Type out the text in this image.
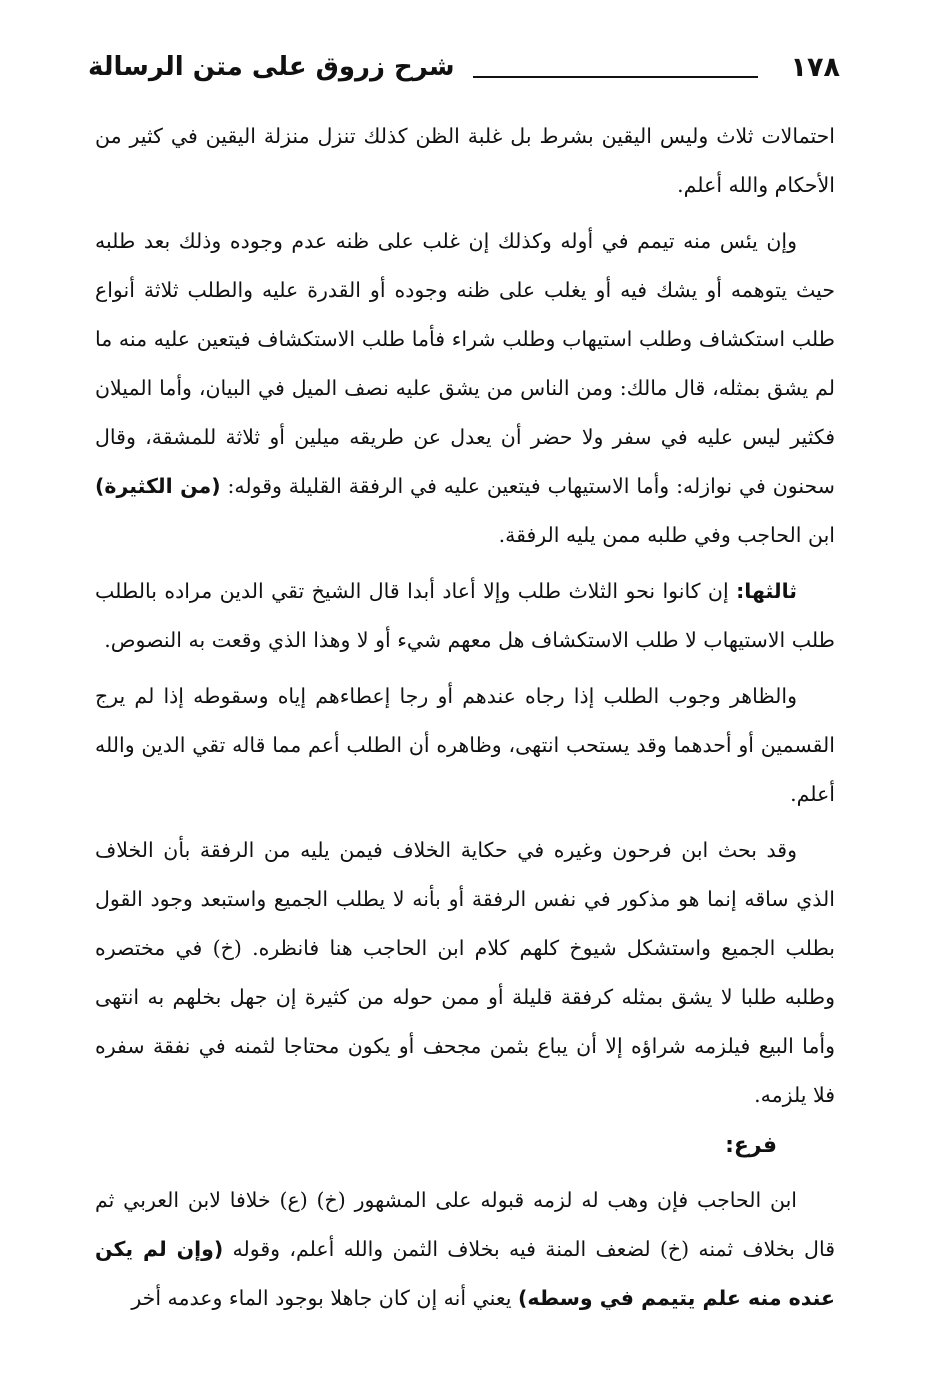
١٧٨
شرح زروق على متن الرسالة

احتمالات ثلاث وليس اليقين بشرط بل غلبة الظن كذلك تنزل منزلة اليقين في كثير من الأحكام والله أعلم.

وإن يئس منه تيمم في أوله وكذلك إن غلب على ظنه عدم وجوده وذلك بعد طلبه حيث يتوهمه أو يشك فيه أو يغلب على ظنه وجوده أو القدرة عليه والطلب ثلاثة أنواع طلب استكشاف وطلب استيهاب وطلب شراء فأما طلب الاستكشاف فيتعين عليه منه ما لم يشق بمثله، قال مالك: ومن الناس من يشق عليه نصف الميل في البيان، وأما الميلان فكثير ليس عليه في سفر ولا حضر أن يعدل عن طريقه ميلين أو ثلاثة للمشقة، وقال سحنون في نوازله: وأما الاستيهاب فيتعين عليه في الرفقة القليلة وقوله: (من الكثيرة) ابن الحاجب وفي طلبه ممن يليه الرفقة.

ثالثها: إن كانوا نحو الثلاث طلب وإلا أعاد أبدا قال الشيخ تقي الدين مراده بالطلب طلب الاستيهاب لا طلب الاستكشاف هل معهم شيء أو لا وهذا الذي وقعت به النصوص.

والظاهر وجوب الطلب إذا رجاه عندهم أو رجا إعطاءهم إياه وسقوطه إذا لم يرج القسمين أو أحدهما وقد يستحب انتهى، وظاهره أن الطلب أعم مما قاله تقي الدين والله أعلم.

وقد بحث ابن فرحون وغيره في حكاية الخلاف فيمن يليه من الرفقة بأن الخلاف الذي ساقه إنما هو مذكور في نفس الرفقة أو بأنه لا يطلب الجميع واستبعد وجود القول بطلب الجميع واستشكل شيوخ كلهم كلام ابن الحاجب هنا فانظره. (خ) في مختصره وطلبه طلبا لا يشق بمثله كرفقة قليلة أو ممن حوله من كثيرة إن جهل بخلهم به انتهى وأما البيع فيلزمه شراؤه إلا أن يباع بثمن مجحف أو يكون محتاجا لثمنه في نفقة سفره فلا يلزمه.

فرع:

ابن الحاجب فإن وهب له لزمه قبوله على المشهور (خ) (ع) خلافا لابن العربي ثم قال بخلاف ثمنه (خ) لضعف المنة فيه بخلاف الثمن والله أعلم، وقوله (وإن لم يكن عنده منه علم يتيمم في وسطه) يعني أنه إن كان جاهلا بوجود الماء وعدمه أخر
